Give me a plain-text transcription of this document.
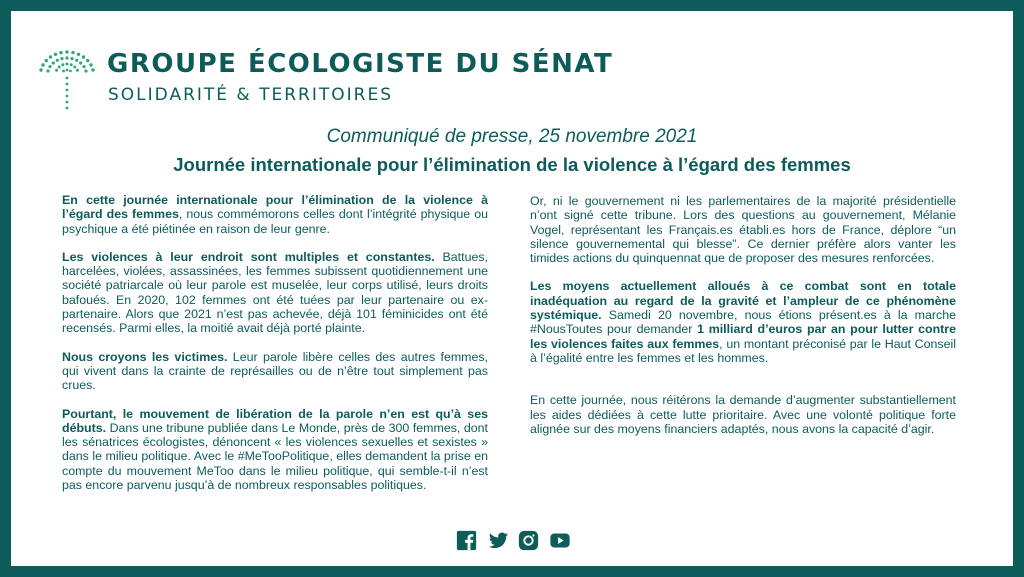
GROUPE ÉCOLOGISTE DU SÉNAT
SOLIDARITÉ & TERRITOIRES
Communiqué de presse, 25 novembre 2021
Journée internationale pour l’élimination de la violence à l’égard des femmes

En cette journée internationale pour l’élimination de la violence à l’égard des femmes, nous commémorons celles dont l’intégrité physique ou psychique a été piétinée en raison de leur genre.

Les violences à leur endroit sont multiples et constantes. Battues, harcelées, violées, assassinées, les femmes subissent quotidiennement une société patriarcale où leur parole est muselée, leur corps utilisé, leurs droits bafoués. En 2020, 102 femmes ont été tuées par leur partenaire ou ex-partenaire. Alors que 2021 n’est pas achevée, déjà 101 féminicides ont été recensés. Parmi elles, la moitié avait déjà porté plainte.

Nous croyons les victimes. Leur parole libère celles des autres femmes, qui vivent dans la crainte de représailles ou de n’être tout simplement pas crues.

Pourtant, le mouvement de libération de la parole n’en est qu’à ses débuts. Dans une tribune publiée dans Le Monde, près de 300 femmes, dont les sénatrices écologistes, dénoncent « les violences sexuelles et sexistes » dans le milieu politique. Avec le #MeTooPolitique, elles demandent la prise en compte du mouvement MeToo dans le milieu politique, qui semble-t-il n’est pas encore parvenu jusqu’à de nombreux responsables politiques.

Or, ni le gouvernement ni les parlementaires de la majorité présidentielle n’ont signé cette tribune. Lors des questions au gouvernement, Mélanie Vogel, représentant les Français.es établi.es hors de France, déplore “un silence gouvernemental qui blesse”. Ce dernier préfère alors vanter les timides actions du quinquennat que de proposer des mesures renforcées.

Les moyens actuellement alloués à ce combat sont en totale inadéquation au regard de la gravité et l’ampleur de ce phénomène systémique. Samedi 20 novembre, nous étions présent.es à la marche #NousToutes pour demander 1 milliard d’euros par an pour lutter contre les violences faites aux femmes, un montant préconisé par le Haut Conseil à l’égalité entre les femmes et les hommes.

En cette journée, nous réitérons la demande d’augmenter substantiellement les aides dédiées à cette lutte prioritaire. Avec une volonté politique forte alignée sur des moyens financiers adaptés, nous avons la capacité d’agir.
